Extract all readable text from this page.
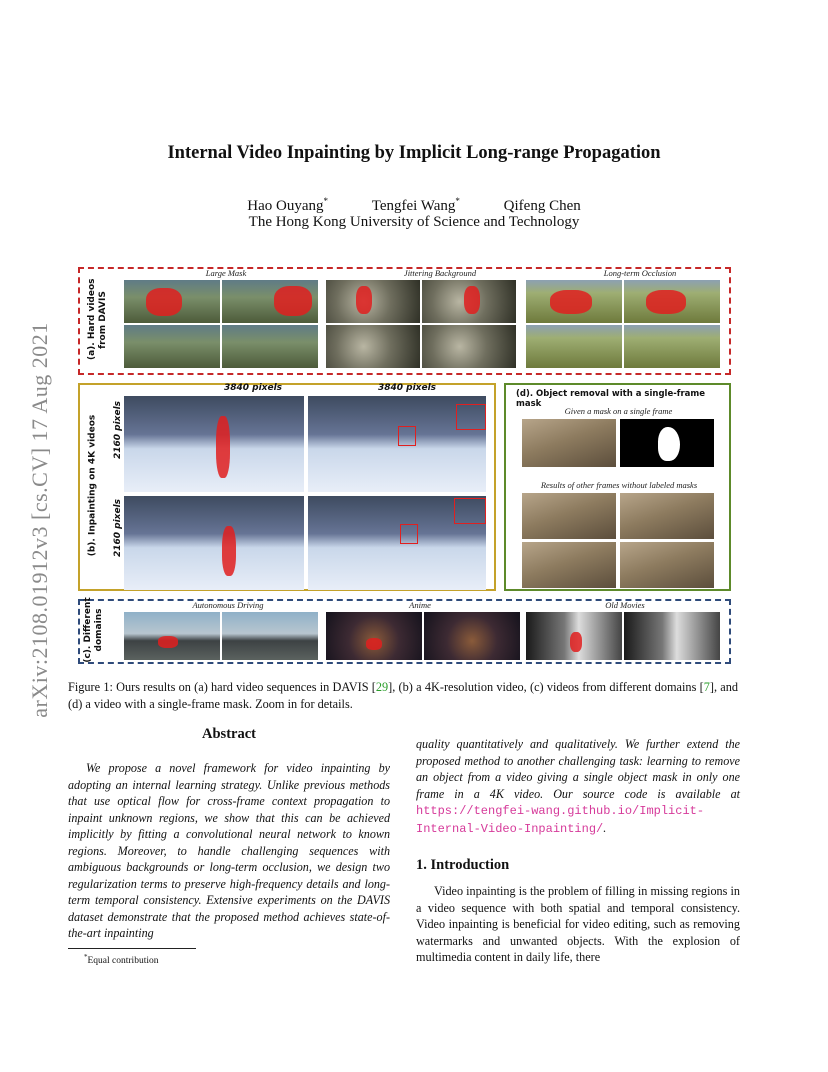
arXiv:2108.01912v3 [cs.CV] 17 Aug 2021
Internal Video Inpainting by Implicit Long-range Propagation
Hao Ouyang*	Tengfei Wang*	Qifeng Chen
The Hong Kong University of Science and Technology
(a). Hard videos from DAVIS
Large Mask	Jittering Background	Long-term Occlusion
(b). Inpainting on 4K videos
3840 pixels	3840 pixels
2160 pixels
2160 pixels
(d). Object removal with a single-frame mask
Given a mask on a single frame
Results of other frames without labeled masks
(c). Different domains
Autonomous Driving	Anime	Old Movies
Figure 1: Ours results on (a) hard video sequences in DAVIS [29], (b) a 4K-resolution video, (c) videos from different domains [7], and (d) a video with a single-frame mask. Zoom in for details.
Abstract
We propose a novel framework for video inpainting by adopting an internal learning strategy. Unlike previous methods that use optical flow for cross-frame context propagation to inpaint unknown regions, we show that this can be achieved implicitly by fitting a convolutional neural network to known regions. Moreover, to handle challenging sequences with ambiguous backgrounds or long-term occlusion, we design two regularization terms to preserve high-frequency details and long-term temporal consistency. Extensive experiments on the DAVIS dataset demonstrate that the proposed method achieves state-of-the-art inpainting
quality quantitatively and qualitatively. We further extend the proposed method to another challenging task: learning to remove an object from a video giving a single object mask in only one frame in a 4K video. Our source code is available at https://tengfei-wang.github.io/Implicit-Internal-Video-Inpainting/.
1. Introduction
Video inpainting is the problem of filling in missing regions in a video sequence with both spatial and temporal consistency. Video inpainting is beneficial for video editing, such as removing watermarks and unwanted objects. With the explosion of multimedia content in daily life, there
*Equal contribution
